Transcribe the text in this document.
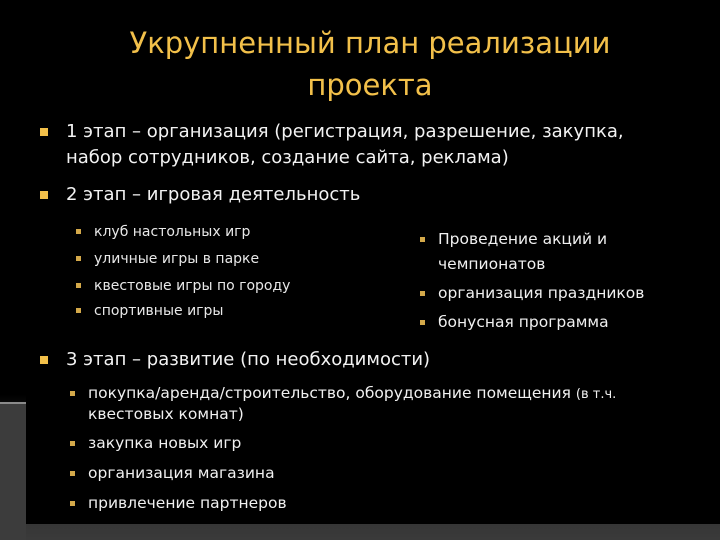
Укрупненный план реализации
проекта
1 этап – организация (регистрация, разрешение, закупка,
набор сотрудников, создание сайта, реклама)
2 этап – игровая деятельность
клуб настольных игр
уличные игры в парке
квестовые игры по городу
спортивные игры
Проведение акций и
чемпионатов
организация праздников
бонусная программа
3 этап – развитие (по необходимости)
покупка/аренда/строительство, оборудование помещения (в т.ч.
квестовых комнат)
закупка новых игр
организация магазина
привлечение партнеров
